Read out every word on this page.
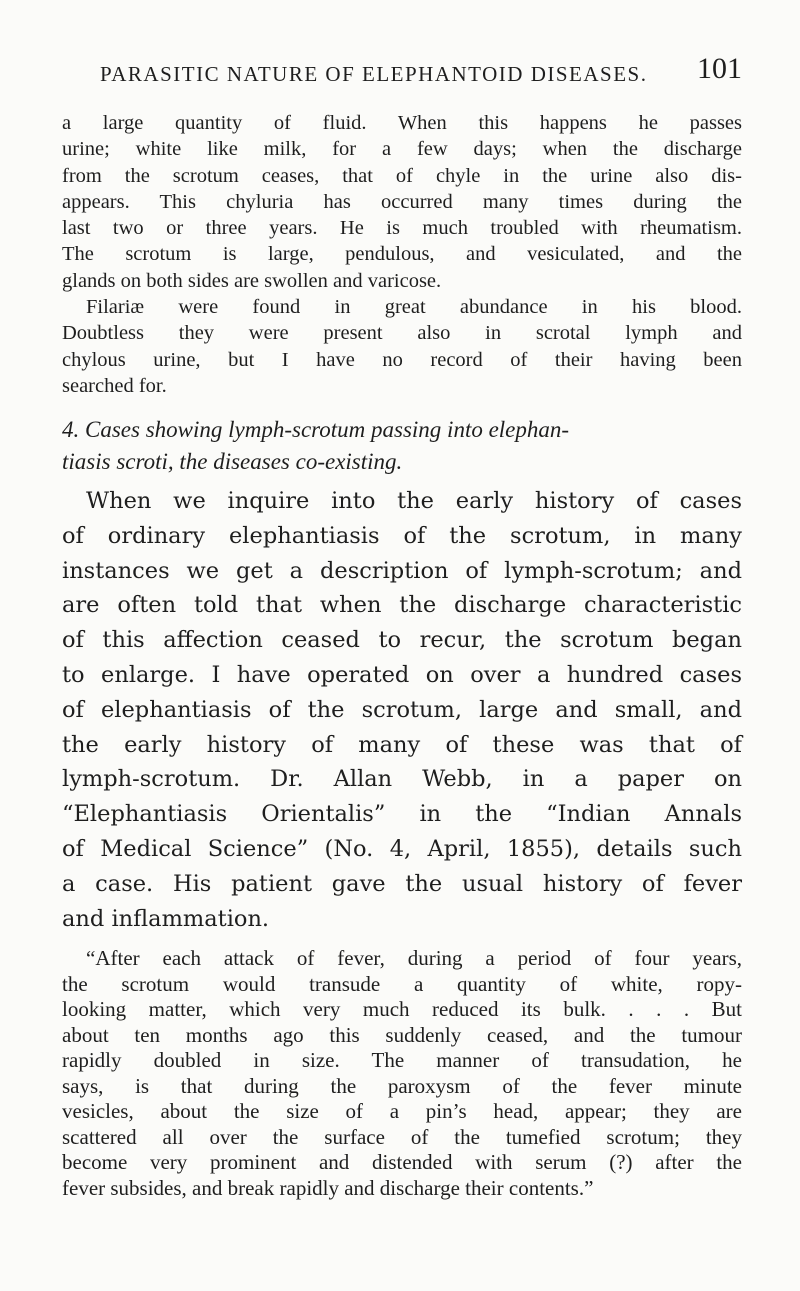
PARASITIC NATURE OF ELEPHANTOID DISEASES. 101
a large quantity of fluid. When this happens he passes
urine; white like milk, for a few days; when the discharge
from the scrotum ceases, that of chyle in the urine also dis-
appears. This chyluria has occurred many times during the
last two or three years. He is much troubled with rheumatism.
The scrotum is large, pendulous, and vesiculated, and the
glands on both sides are swollen and varicose.
Filariæ were found in great abundance in his blood.
Doubtless they were present also in scrotal lymph and
chylous urine, but I have no record of their having been
searched for.
4. Cases showing lymph-scrotum passing into elephan-
tiasis scroti, the diseases co-existing.
When we inquire into the early history of cases
of ordinary elephantiasis of the scrotum, in many
instances we get a description of lymph-scrotum; and
are often told that when the discharge characteristic
of this affection ceased to recur, the scrotum began
to enlarge. I have operated on over a hundred cases
of elephantiasis of the scrotum, large and small, and
the early history of many of these was that of
lymph-scrotum. Dr. Allan Webb, in a paper on
“Elephantiasis Orientalis” in the “Indian Annals
of Medical Science” (No. 4, April, 1855), details such
a case. His patient gave the usual history of fever
and inflammation.
“After each attack of fever, during a period of four years,
the scrotum would transude a quantity of white, ropy-
looking matter, which very much reduced its bulk. . . . But
about ten months ago this suddenly ceased, and the tumour
rapidly doubled in size. The manner of transudation, he
says, is that during the paroxysm of the fever minute
vesicles, about the size of a pin’s head, appear; they are
scattered all over the surface of the tumefied scrotum; they
become very prominent and distended with serum (?) after the
fever subsides, and break rapidly and discharge their contents.”
